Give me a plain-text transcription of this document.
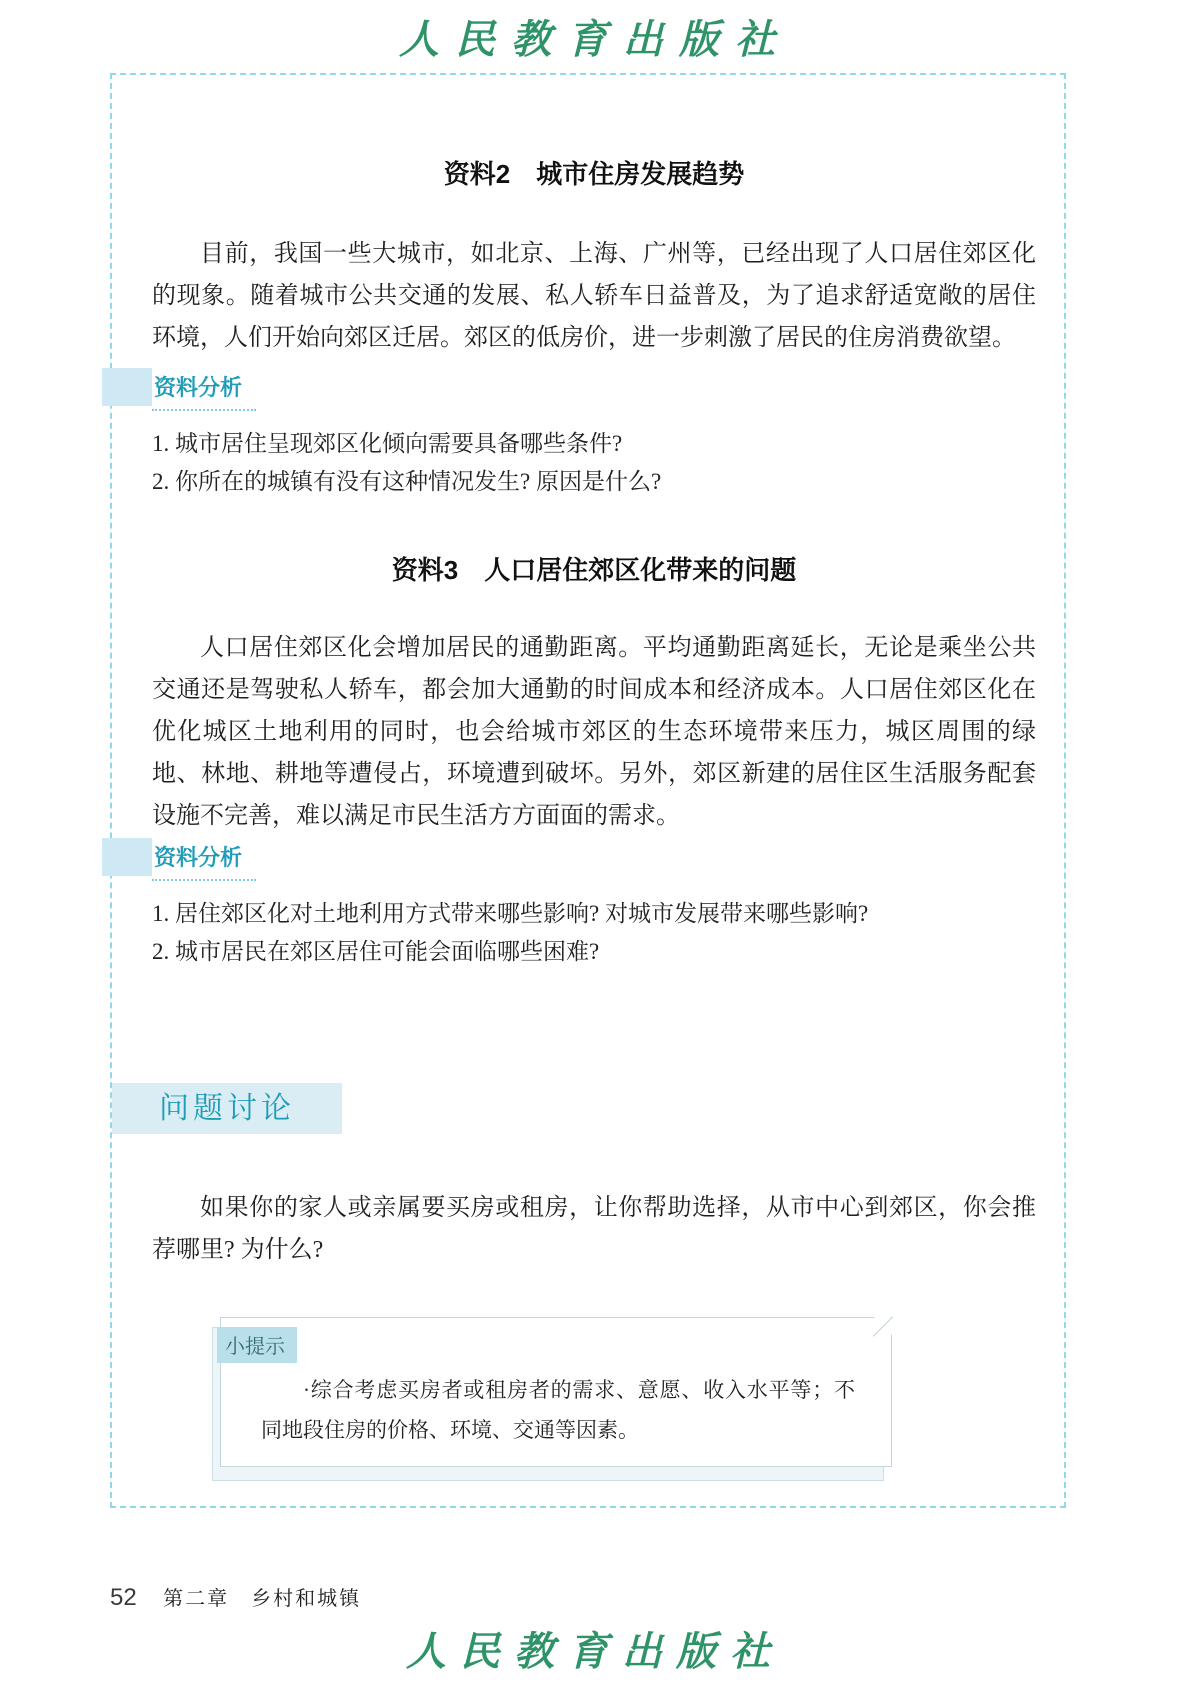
人民教育出版社
资料2　城市住房发展趋势

目前，我国一些大城市，如北京、上海、广州等，已经出现了人口居住郊区化的现象。随着城市公共交通的发展、私人轿车日益普及，为了追求舒适宽敞的居住环境，人们开始向郊区迁居。郊区的低房价，进一步刺激了居民的住房消费欲望。

资料分析

1. 城市居住呈现郊区化倾向需要具备哪些条件?

2. 你所在的城镇有没有这种情况发生? 原因是什么?

资料3　人口居住郊区化带来的问题

人口居住郊区化会增加居民的通勤距离。平均通勤距离延长，无论是乘坐公共交通还是驾驶私人轿车，都会加大通勤的时间成本和经济成本。人口居住郊区化在优化城区土地利用的同时，也会给城市郊区的生态环境带来压力，城区周围的绿地、林地、耕地等遭侵占，环境遭到破坏。另外，郊区新建的居住区生活服务配套设施不完善，难以满足市民生活方方面面的需求。

资料分析

1. 居住郊区化对土地利用方式带来哪些影响? 对城市发展带来哪些影响?

2. 城市居民在郊区居住可能会面临哪些困难?

问题讨论

如果你的家人或亲属要买房或租房，让你帮助选择，从市中心到郊区，你会推荐哪里? 为什么?

小提示

·综合考虑买房者或租房者的需求、意愿、收入水平等；不同地段住房的价格、环境、交通等因素。

52 第二章　乡村和城镇
人民教育出版社
